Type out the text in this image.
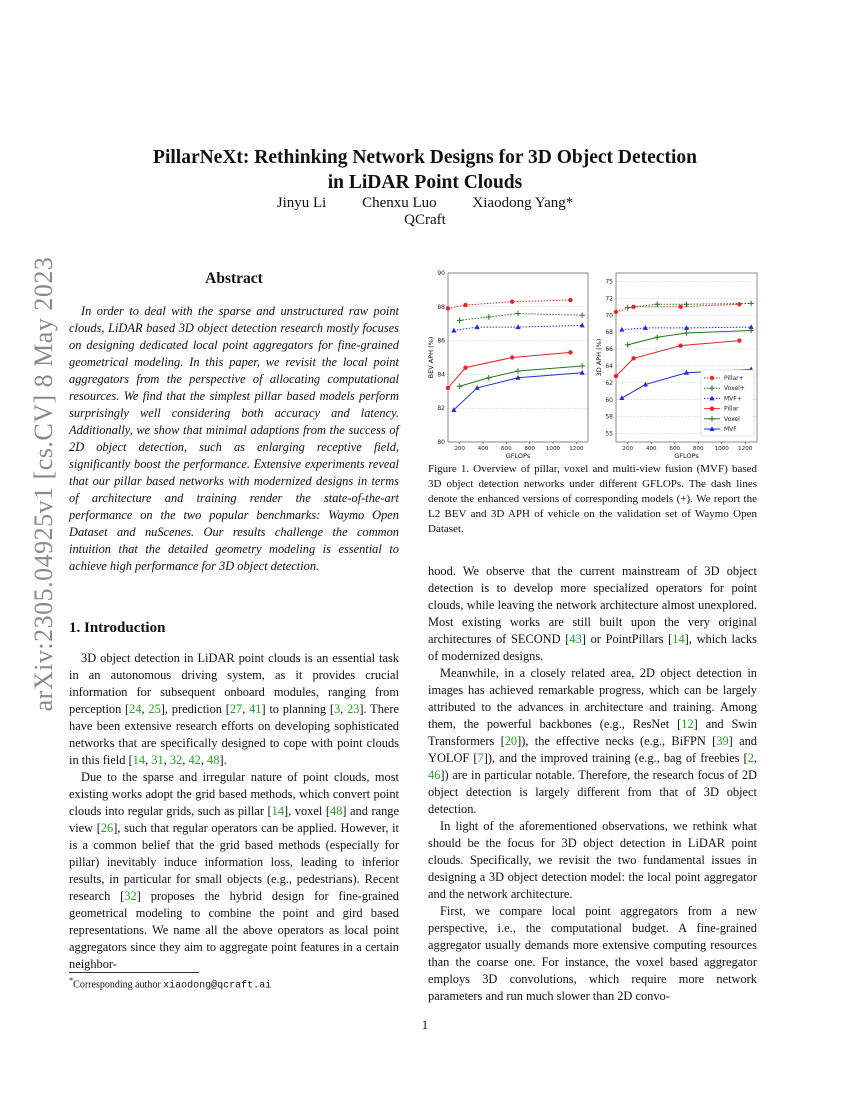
PillarNeXt: Rethinking Network Designs for 3D Object Detection
in LiDAR Point Clouds
Jinyu Li Chenxu Luo Xiaodong Yang*
QCraft
arXiv:2305.04925v1 [cs.CV] 8 May 2023	Abstract

In order to deal with the sparse and unstructured raw point clouds, LiDAR based 3D object detection research mostly focuses on designing dedicated local point aggregators for fine-grained geometrical modeling. In this paper, we revisit the local point aggregators from the perspective of allocating computational resources. We find that the simplest pillar based models perform surprisingly well considering both accuracy and latency. Additionally, we show that minimal adaptions from the success of 2D object detection, such as enlarging receptive field, significantly boost the performance. Extensive experiments reveal that our pillar based networks with modernized designs in terms of architecture and training render the state-of-the-art performance on the two popular benchmarks: Waymo Open Dataset and nuScenes. Our results challenge the common intuition that the detailed geometry modeling is essential to achieve high performance for 3D object detection.

1. Introduction

3D object detection in LiDAR point clouds is an essential task in an autonomous driving system, as it provides crucial information for subsequent onboard modules, ranging from perception [24, 25], prediction [27, 41] to planning [3, 23]. There have been extensive research efforts on developing sophisticated networks that are specifically designed to cope with point clouds in this field [14, 31, 32, 42, 48].

Due to the sparse and irregular nature of point clouds, most existing works adopt the grid based methods, which convert point clouds into regular grids, such as pillar [14], voxel [48] and range view [26], such that regular operators can be applied. However, it is a common belief that the grid based methods (especially for pillar) inevitably induce information loss, leading to inferior results, in particular for small objects (e.g., pedestrians). Recent research [32] proposes the hybrid design for fine-grained geometrical modeling to combine the point and gird based representations. We name all the above operators as local point aggregators since they aim to aggregate point features in a certain neighbor-

80
82
84
86
88
90
200 400 600 800 1000 1200
GFLOPs
BEV APH (%)
55
58
60
62
64
66
68
70
72
75
200 400 600 800 1000 1200
GFLOPs
3D APH (%)
Pillar+
Voxel+
MVF+
Pillar
Voxel
MVF
Figure 1. Overview of pillar, voxel and multi-view fusion (MVF) based 3D object detection networks under different GFLOPs. The dash lines denote the enhanced versions of corresponding models (+). We report the L2 BEV and 3D APH of vehicle on the validation set of Waymo Open Dataset.

hood. We observe that the current mainstream of 3D object detection is to develop more specialized operators for point clouds, while leaving the network architecture almost unexplored. Most existing works are still built upon the very original architectures of SECOND [43] or PointPillars [14], which lacks of modernized designs.

Meanwhile, in a closely related area, 2D object detection in images has achieved remarkable progress, which can be largely attributed to the advances in architecture and training. Among them, the powerful backbones (e.g., ResNet [12] and Swin Transformers [20]), the effective necks (e.g., BiFPN [39] and YOLOF [7]), and the improved training (e.g., bag of freebies [2, 46]) are in particular notable. Therefore, the research focus of 2D object detection is largely different from that of 3D object detection.

In light of the aforementioned observations, we rethink what should be the focus for 3D object detection in LiDAR point clouds. Specifically, we revisit the two fundamental issues in designing a 3D object detection model: the local point aggregator and the network architecture.

First, we compare local point aggregators from a new perspective, i.e., the computational budget. A fine-grained aggregator usually demands more extensive computing resources than the coarse one. For instance, the voxel based aggregator employs 3D convolutions, which require more network parameters and run much slower than 2D convo-

*Corresponding author xiaodong@qcraft.ai
1
